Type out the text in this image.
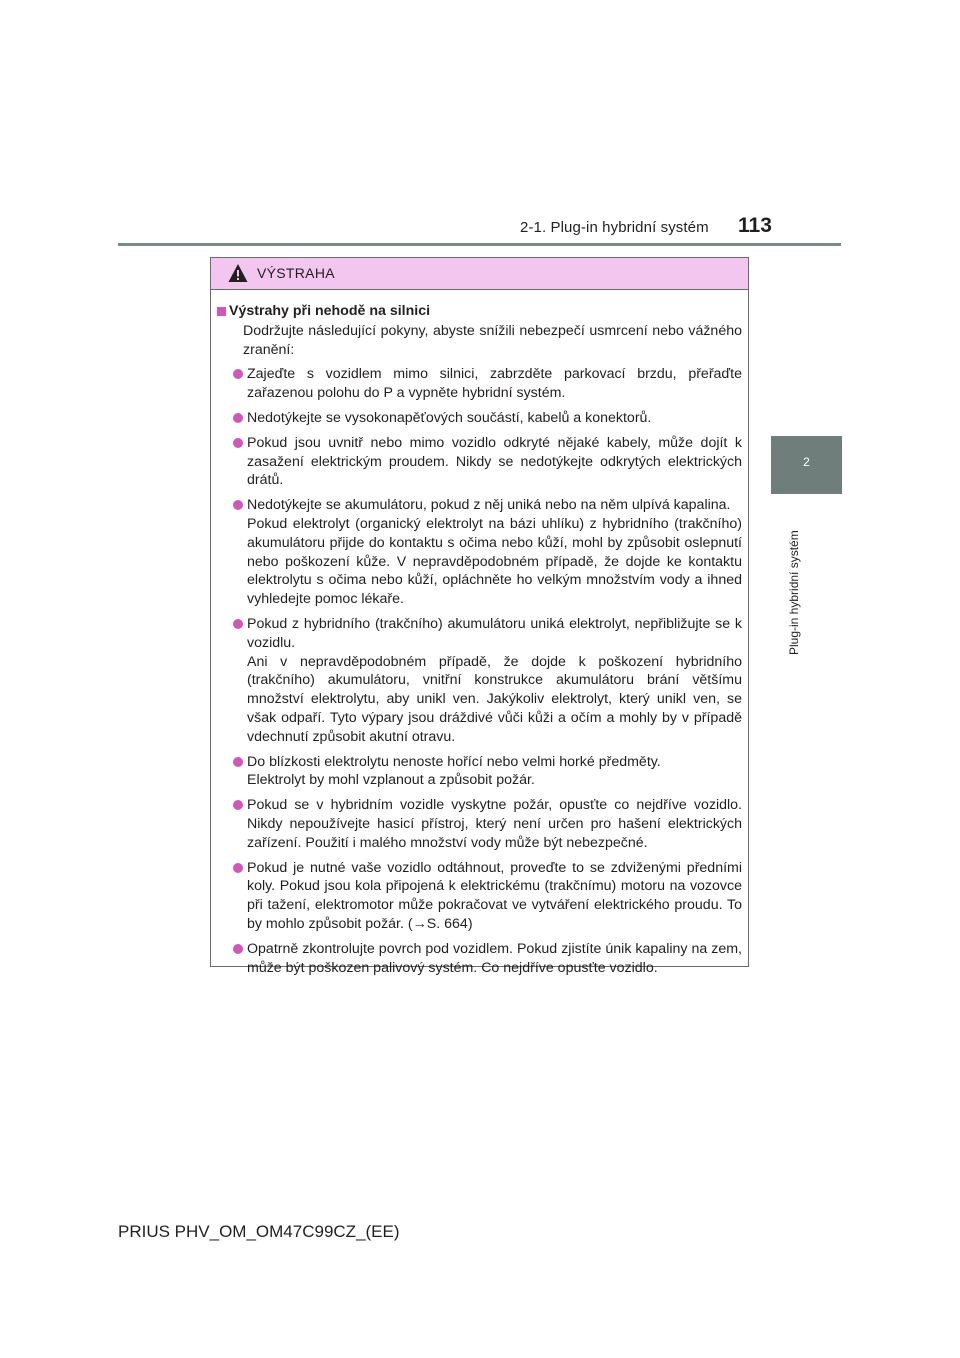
2-1. Plug-in hybridní systém 113
2
Plug-in hybridní systém
VÝSTRAHA
Výstrahy při nehodě na silnici
Dodržujte následující pokyny, abyste snížili nebezpečí usmrcení nebo vážného zranění:

Zajeďte s vozidlem mimo silnici, zabrzděte parkovací brzdu, přeřaďte zařazenou polohu do P a vypněte hybridní systém.

Nedotýkejte se vysokonapěťových součástí, kabelů a konektorů.

Pokud jsou uvnitř nebo mimo vozidlo odkryté nějaké kabely, může dojít k zasažení elektrickým proudem. Nikdy se nedotýkejte odkrytých elektrických drátů.

Nedotýkejte se akumulátoru, pokud z něj uniká nebo na něm ulpívá kapalina.

Pokud elektrolyt (organický elektrolyt na bázi uhlíku) z hybridního (trakčního) akumulátoru přijde do kontaktu s očima nebo kůží, mohl by způsobit oslepnutí nebo poškození kůže. V nepravděpodobném případě, že dojde ke kontaktu elektrolytu s očima nebo kůží, opláchněte ho velkým množstvím vody a ihned vyhledejte pomoc lékaře.

Pokud z hybridního (trakčního) akumulátoru uniká elektrolyt, nepřibližujte se k vozidlu.

Ani v nepravděpodobném případě, že dojde k poškození hybridního (trakčního) akumulátoru, vnitřní konstrukce akumulátoru brání většímu množství elektrolytu, aby unikl ven. Jakýkoliv elektrolyt, který unikl ven, se však odpaří. Tyto výpary jsou dráždivé vůči kůži a očím a mohly by v případě vdechnutí způsobit akutní otravu.

Do blízkosti elektrolytu nenoste hořící nebo velmi horké předměty.

Elektrolyt by mohl vzplanout a způsobit požár.

Pokud se v hybridním vozidle vyskytne požár, opusťte co nejdříve vozidlo. Nikdy nepoužívejte hasicí přístroj, který není určen pro hašení elektrických zařízení. Použití i malého množství vody může být nebezpečné.

Pokud je nutné vaše vozidlo odtáhnout, proveďte to se zdviženými předními koly. Pokud jsou kola připojená k elektrickému (trakčnímu) motoru na vozovce při tažení, elektromotor může pokračovat ve vytváření elektrického proudu. To by mohlo způsobit požár. (→S. 664)

Opatrně zkontrolujte povrch pod vozidlem. Pokud zjistíte únik kapaliny na zem, může být poškozen palivový systém. Co nejdříve opusťte vozidlo.

PRIUS PHV_OM_OM47C99CZ_(EE)
